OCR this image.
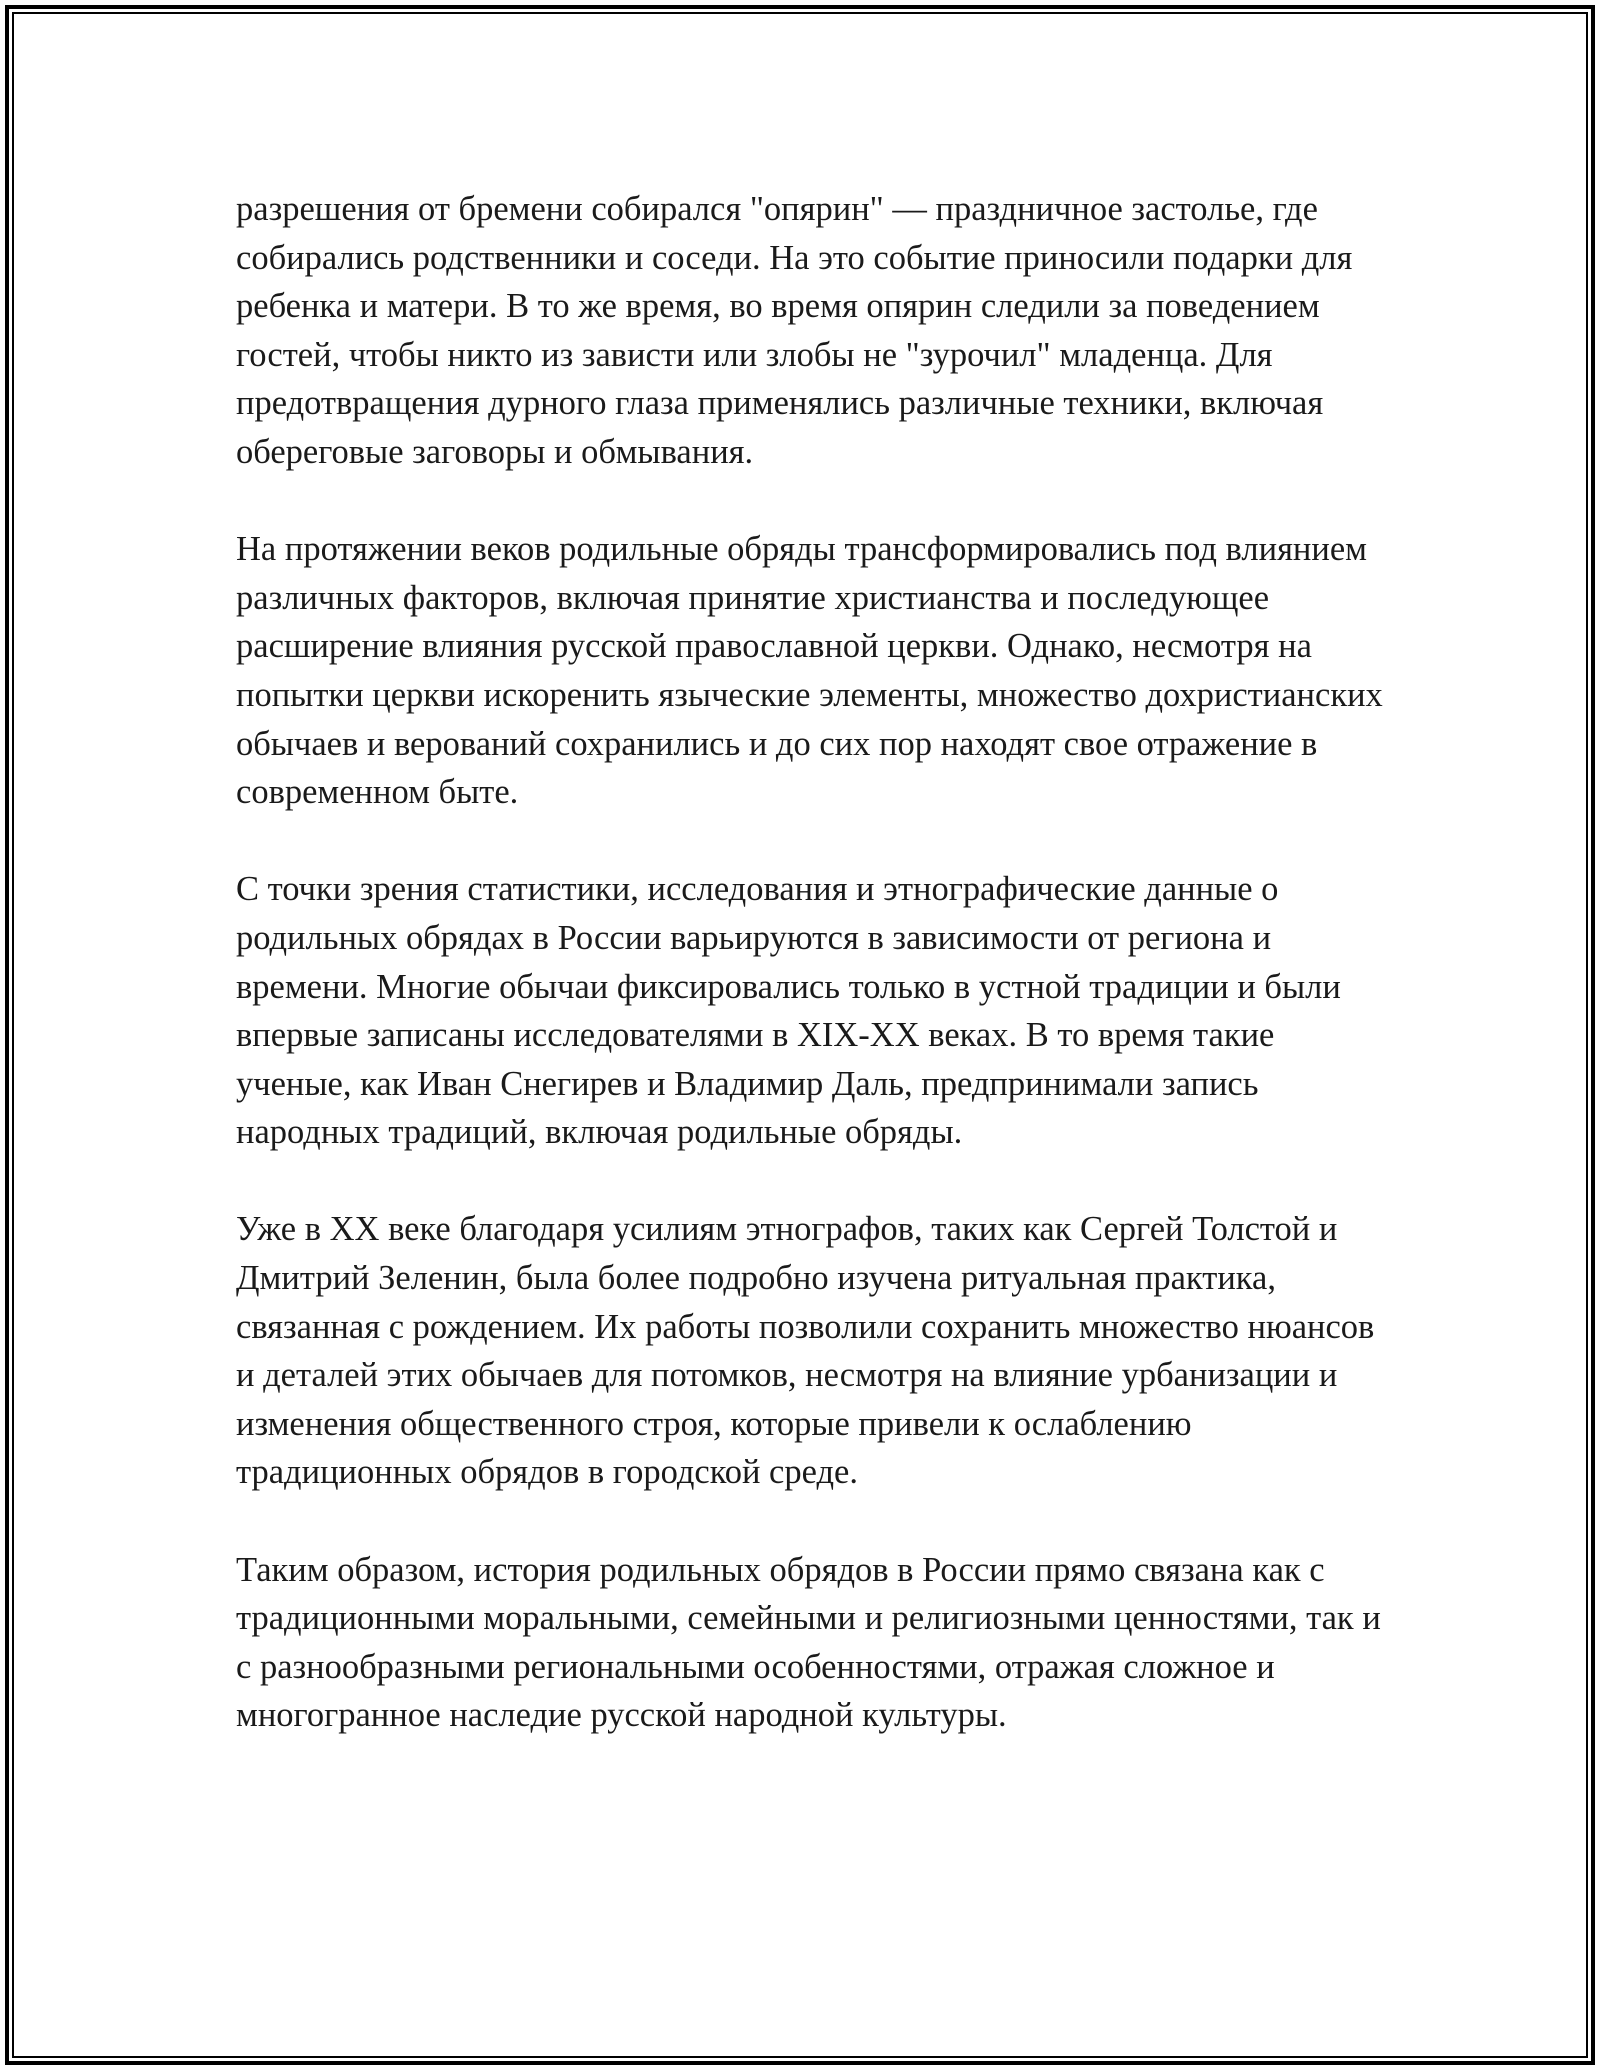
разрешения от бремени собирался "опярин" — праздничное застолье, где собирались родственники и соседи. На это событие приносили подарки для ребенка и матери. В то же время, во время опярин следили за поведением гостей, чтобы никто из зависти или злобы не "зурочил" младенца. Для предотвращения дурного глаза применялись различные техники, включая обереговые заговоры и обмывания.

На протяжении веков родильные обряды трансформировались под влиянием различных факторов, включая принятие христианства и последующее расширение влияния русской православной церкви. Однако, несмотря на попытки церкви искоренить языческие элементы, множество дохристианских обычаев и верований сохранились и до сих пор находят свое отражение в современном быте.

С точки зрения статистики, исследования и этнографические данные о родильных обрядах в России варьируются в зависимости от региона и времени. Многие обычаи фиксировались только в устной традиции и были впервые записаны исследователями в XIX-XX веках. В то время такие ученые, как Иван Снегирев и Владимир Даль, предпринимали запись народных традиций, включая родильные обряды.

Уже в XX веке благодаря усилиям этнографов, таких как Сергей Толстой и Дмитрий Зеленин, была более подробно изучена ритуальная практика, связанная с рождением. Их работы позволили сохранить множество нюансов и деталей этих обычаев для потомков, несмотря на влияние урбанизации и изменения общественного строя, которые привели к ослаблению традиционных обрядов в городской среде.

Таким образом, история родильных обрядов в России прямо связана как с традиционными моральными, семейными и религиозными ценностями, так и с разнообразными региональными особенностями, отражая сложное и многогранное наследие русской народной культуры.
